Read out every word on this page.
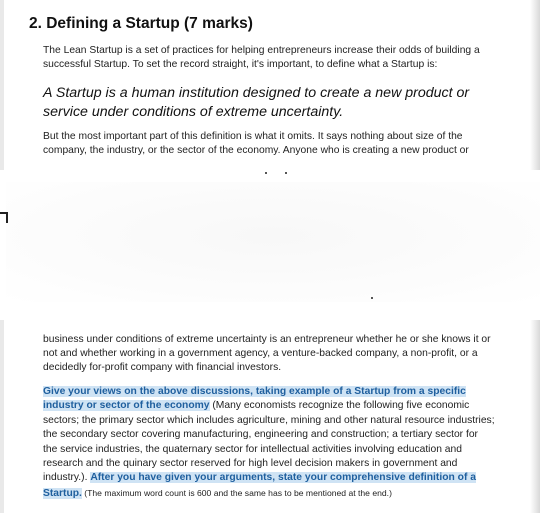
2. Defining a Startup (7 marks)

The Lean Startup is a set of practices for helping entrepreneurs increase their odds of building a successful Startup. To set the record straight, it's important, to define what a Startup is:

A Startup is a human institution designed to create a new product or service under conditions of extreme uncertainty.

But the most important part of this definition is what it omits. It says nothing about size of the company, the industry, or the sector of the economy. Anyone who is creating a new product or

business under conditions of extreme uncertainty is an entrepreneur whether he or she knows it or not and whether working in a government agency, a venture-backed company, a non-profit, or a decidedly for-profit company with financial investors.

Give your views on the above discussions, taking example of a Startup from a specific industry or sector of the economy (Many economists recognize the following five economic sectors; the primary sector which includes agriculture, mining and other natural resource industries; the secondary sector covering manufacturing, engineering and construction; a tertiary sector for the service industries, the quaternary sector for intellectual activities involving education and research and the quinary sector reserved for high level decision makers in government and industry.). After you have given your arguments, state your comprehensive definition of a Startup. (The maximum word count is 600 and the same has to be mentioned at the end.)
